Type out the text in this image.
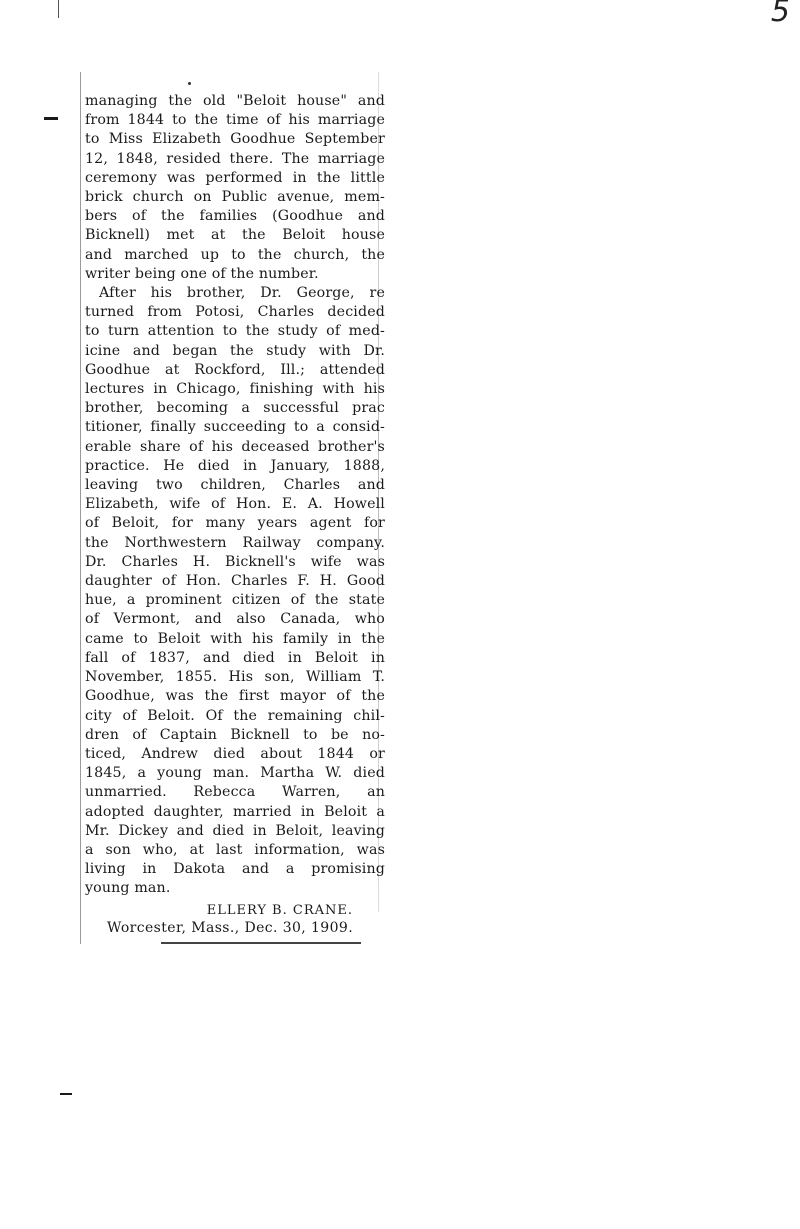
5
managing the old "Beloit house" and
from 1844 to the time of his marriage
to Miss Elizabeth Goodhue September
12, 1848, resided there. The marriage
ceremony was performed in the little
brick church on Public avenue, mem-
bers of the families (Goodhue and
Bicknell) met at the Beloit house
and marched up to the church, the
writer being one of the number.
After his brother, Dr. George, re
turned from Potosi, Charles decided
to turn attention to the study of med-
icine and began the study with Dr.
Goodhue at Rockford, Ill.; attended
lectures in Chicago, finishing with his
brother, becoming a successful prac
titioner, finally succeeding to a consid-
erable share of his deceased brother's
practice. He died in January, 1888,
leaving two children, Charles and
Elizabeth, wife of Hon. E. A. Howell
of Beloit, for many years agent for
the Northwestern Railway company.
Dr. Charles H. Bicknell's wife was
daughter of Hon. Charles F. H. Good
hue, a prominent citizen of the state
of Vermont, and also Canada, who
came to Beloit with his family in the
fall of 1837, and died in Beloit in
November, 1855. His son, William T.
Goodhue, was the first mayor of the
city of Beloit. Of the remaining chil-
dren of Captain Bicknell to be no-
ticed, Andrew died about 1844 or
1845, a young man. Martha W. died
unmarried. Rebecca Warren, an
adopted daughter, married in Beloit a
Mr. Dickey and died in Beloit, leaving
a son who, at last information, was
living in Dakota and a promising
young man.
ELLERY B. CRANE.
Worcester, Mass., Dec. 30, 1909.
